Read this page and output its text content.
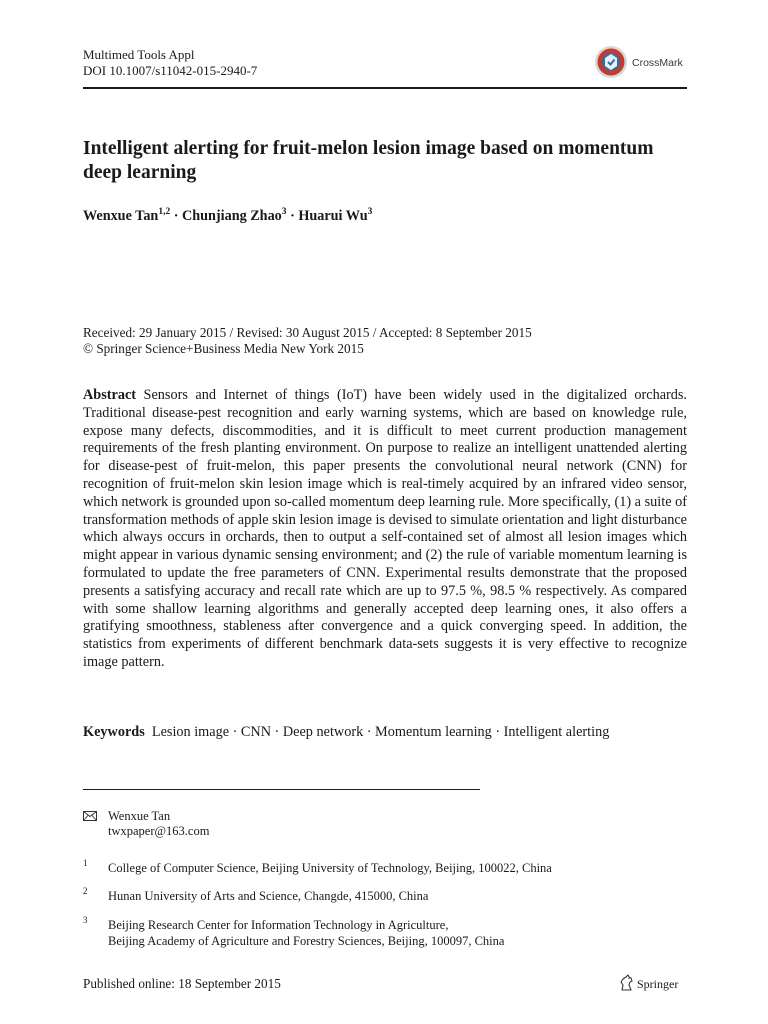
Multimed Tools Appl
DOI 10.1007/s11042-015-2940-7	CrossMark
Intelligent alerting for fruit-melon lesion image based on momentum deep learning
Wenxue Tan$^{1,2}$ · Chunjiang Zhao$^3$ · Huarui Wu$^3$
Received: 29 January 2015 / Revised: 30 August 2015 / Accepted: 8 September 2015
© Springer Science+Business Media New York 2015

Abstract Sensors and Internet of things (IoT) have been widely used in the digitalized orchards. Traditional disease-pest recognition and early warning systems, which are based on knowledge rule, expose many defects, discommodities, and it is difficult to meet current production management requirements of the fresh planting environment. On purpose to realize an intelligent unattended alerting for disease-pest of fruit-melon, this paper presents the convolutional neural network (CNN) for recognition of fruit-melon skin lesion image which is real-timely acquired by an infrared video sensor, which network is grounded upon so-called momentum deep learning rule. More specifically, (1) a suite of transformation methods of apple skin lesion image is devised to simulate orientation and light disturbance which always occurs in orchards, then to output a self-contained set of almost all lesion images which might appear in various dynamic sensing environment; and (2) the rule of variable momentum learning is formulated to update the free parameters of CNN. Experimental results demonstrate that the proposed presents a satisfying accuracy and recall rate which are up to 97.5 %, 98.5 % respectively. As compared with some shallow learning algorithms and generally accepted deep learning ones, it also offers a gratifying smoothness, stableness after convergence and a quick converging speed. In addition, the statistics from experiments of different benchmark data-sets suggests it is very effective to recognize image pattern.

Keywords Lesion image · CNN · Deep network · Momentum learning · Intelligent alerting

Wenxue Tan
twxpaper@163.com
1 College of Computer Science, Beijing University of Technology, Beijing, 100022, China
2 Hunan University of Arts and Science, Changde, 415000, China
3 Beijing Research Center for Information Technology in Agriculture,
Beijing Academy of Agriculture and Forestry Sciences, Beijing, 100097, China
Published online: 18 September 2015	Springer
